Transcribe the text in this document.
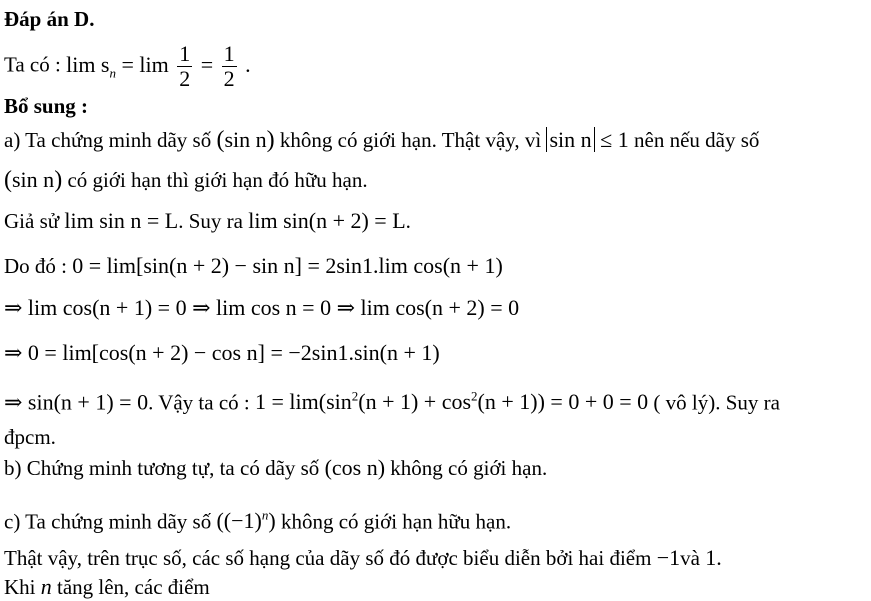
Đáp án D.
Ta có : $\lim s_n = \lim \frac{1}{2} = \frac{1}{2}$ .
Bổ sung :
a) Ta chứng minh dãy số (sin n) không có giới hạn. Thật vậy, vì sin n ≤ 1 nên nếu dãy số
(sin n) có giới hạn thì giới hạn đó hữu hạn.
Giả sử lim sin n = L. Suy ra lim sin(n + 2) = L.
Do đó : 0 = lim[sin(n + 2) − sin n] = 2sin1.lim cos(n + 1)
⇒ lim cos(n + 1) = 0 ⇒ lim cos n = 0 ⇒ lim cos(n + 2) = 0
⇒ 0 = lim[cos(n + 2) − cos n] = −2sin1.sin(n + 1)
⇒ sin(n + 1) = 0. Vậy ta có : $1 = \lim(\sin^2(n + 1) + \cos^2(n + 1)) = 0 + 0 = 0$ ( vô lý). Suy ra
đpcm.
b) Chứng minh tương tự, ta có dãy số (cos n) không có giới hạn.
c) Ta chứng minh dãy số $((-1)^n)$ không có giới hạn hữu hạn.
Thật vậy, trên trục số, các số hạng của dãy số đó được biểu diễn bởi hai điểm −1và 1.
Khi n tăng lên, các điểm
